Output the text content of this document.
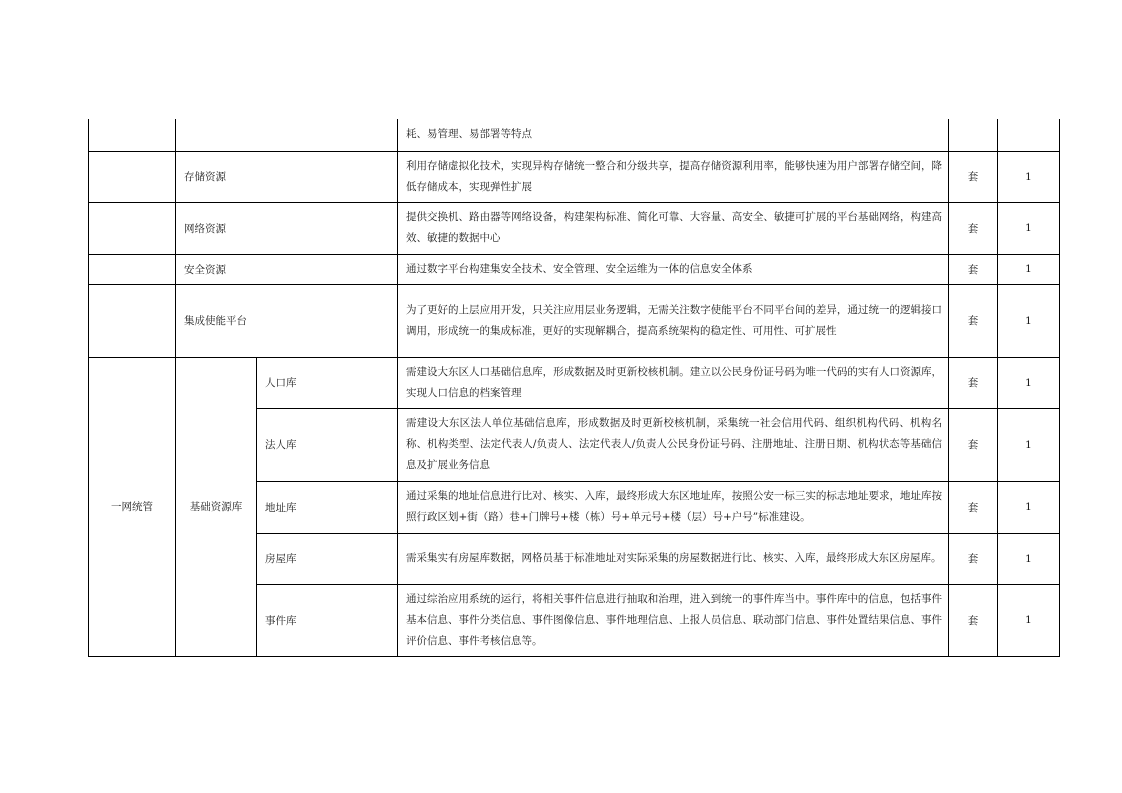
			耗、易管理、易部署等特点		
	存储资源		利用存储虚拟化技术，实现异构存储统一整合和分级共享，提高存储资源利用率，能够快速为用户部署存储空间，降低存储成本，实现弹性扩展	套	1
	网络资源		提供交换机、路由器等网络设备，构建架构标准、简化可靠、大容量、高安全、敏捷可扩展的平台基础网络，构建高效、敏捷的数据中心	套	1
	安全资源		通过数字平台构建集安全技术、安全管理、安全运维为一体的信息安全体系	套	1
	集成使能平台		为了更好的上层应用开发，只关注应用层业务逻辑，无需关注数字使能平台不同平台间的差异，通过统一的逻辑接口调用，形成统一的集成标准，更好的实现解耦合，提高系统架构的稳定性、可用性、可扩展性	套	1
一网统管	基础资源库	人口库	需建设大东区人口基础信息库，形成数据及时更新校核机制。建立以公民身份证号码为唯一代码的实有人口资源库，实现人口信息的档案管理	套	1
		法人库	需建设大东区法人单位基础信息库，形成数据及时更新校核机制，采集统一社会信用代码、组织机构代码、机构名称、机构类型、法定代表人/负责人、法定代表人/负责人公民身份证号码、注册地址、注册日期、机构状态等基础信息及扩展业务信息	套	1
		地址库	通过采集的地址信息进行比对、核实、入库，最终形成大东区地址库，按照公安一标三实的标志地址要求，地址库按照行政区划+街（路）巷+门牌号+楼（栋）号+单元号+楼（层）号+户号”标准建设。	套	1
		房屋库	需采集实有房屋库数据，网格员基于标准地址对实际采集的房屋数据进行比、核实、入库，最终形成大东区房屋库。	套	1
		事件库	通过综治应用系统的运行，将相关事件信息进行抽取和治理，进入到统一的事件库当中。事件库中的信息，包括事件基本信息、事件分类信息、事件图像信息、事件地理信息、上报人员信息、联动部门信息、事件处置结果信息、事件评价信息、事件考核信息等。	套	1
